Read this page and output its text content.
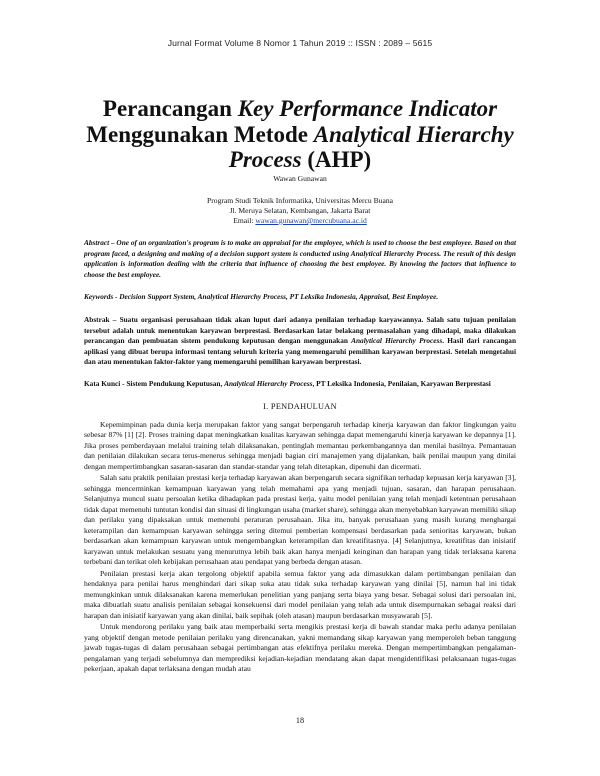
Jurnal Format Volume 8 Nomor 1 Tahun 2019 :: ISSN : 2089 – 5615
Perancangan Key Performance Indicator
Menggunakan Metode Analytical Hierarchy
Process (AHP)
Wawan Gunawan
Program Studi Teknik Informatika, Universitas Mercu Buana
Jl. Meruya Selatan, Kembangan, Jakarta Barat
Email: wawan.gunawan@mercubuana.ac.id
Abstract – One of an organization's program is to make an appraisal for the employee, which is used to choose the best employee. Based on that program faced, a designing and making of a decision support system is conducted using Analytical Hierarchy Process. The result of this design application is information dealing with the criteria that influence of choosing the best employee. By knowing the factors that influence to choose the best employee.
Keywords - Decision Support System, Analytical Hierarchy Process, PT Leksika Indonesia, Appraisal, Best Employee.
Abstrak – Suatu organisasi perusahaan tidak akan luput dari adanya penilaian terhadap karyawannya. Salah satu tujuan penilaian tersebut adalah untuk menentukan karyawan berprestasi. Berdasarkan latar belakang permasalahan yang dihadapi, maka dilakukan perancangan dan pembuatan sistem pendukung keputusan dengan menggunakan Analytical Hierarchy Process. Hasil dari rancangan aplikasi yang dibuat berupa informasi tentang seluruh kriteria yang memengaruhi pemilihan karyawan berprestasi. Setelah mengetahui dan atau menentukan faktor-faktor yang memengaruhi pemilihan karyawan berprestasi.
Kata Kunci - Sistem Pendukung Keputusan, Analytical Hierarchy Process, PT Leksika Indonesia, Penilaian, Karyawan Berprestasi
I. PENDAHULUAN

Kepemimpinan pada dunia kerja merupakan faktor yang sangat berpengaruh terhadap kinerja karyawan dan faktor lingkungan yaitu sebesar 87% [1] [2]. Proses training dapat meningkatkan kualitas karyawan sehingga dapat memengaruhi kinerja karyawan ke depannya [1]. Jika proses pemberdayaan melalui training telah dilaksanakan, pentinglah memantau perkembangannya dan menilai hasilnya. Pemantauan dan penilaian dilakukan secara terus-menerus sehingga menjadi bagian ciri manajemen yang dijalankan, baik penilai maupun yang dinilai dengan mempertimbangkan sasaran-sasaran dan standar-standar yang telah ditetapkan, dipenuhi dan dicermati.

Salah satu praktik penilaian prestasi kerja terhadap karyawan akan berpengaruh secara signifikan terhadap kepuasan kerja karyawan [3], sehingga mencerminkan kemampuan karyawan yang telah memahami apa yang menjadi tujuan, sasaran, dan harapan perusahaan. Selanjutnya muncul suatu persoalan ketika dihadapkan pada prestasi kerja, yaitu model penilaian yang telah menjadi ketentuan perusahaan tidak dapat memenuhi tuntutan kondisi dan situasi di lingkungan usaha (market share), sehingga akan menyebabkan karyawan memiliki sikap dan perilaku yang dipaksakan untuk memenuhi peraturan perusahaan. Jika itu, banyak perusahaan yang masih kurang menghargai keterampilan dan kemampuan karyawan sehingga sering ditemui pemberian kompensasi berdasarkan pada senioritas karyawan, bukan berdasarkan akan kemampuan karyawan untuk mengembangkan keterampilan dan kreatifitasnya. [4] Selanjutnya, kreatifitas dan inisiatif karyawan untuk melakukan sesuatu yang menurutnya lebih baik akan hanya menjadi keinginan dan harapan yang tidak terlaksana karena terbebani dan terikat oleh kebijakan perusahaan atau pendapat yang berbeda dengan atasan.

Penilaian prestasi kerja akan tergolong objektif apabila semua faktor yang ada dimasukkan dalam pertimbangan penilaian dan hendaknya para penilai harus menghindari dari sikap suka atau tidak suka terhadap karyawan yang dinilai [5], namun hal ini tidak memungkinkan untuk dilaksanakan karena memerlukan penelitian yang panjang serta biaya yang besar. Sebagai solusi dari persoalan ini, maka dibuatlah suatu analisis penilaian sebagai konsekuensi dari model penilaian yang telah ada untuk disempurnakan sebagai reaksi dari harapan dan inisiatif karyawan yang akan dinilai, baik sepihak (oleh atasan) maupun berdasarkan musyawarah [5].

Untuk mendorong perilaku yang baik atau memperbaiki serta mengikis prestasi kerja di bawah standar maka perlu adanya penilaian yang objektif dengan metode penilaian perilaku yang direncanakan, yakni memandang sikap karyawan yang memperoleh beban tanggung jawab tugas-tugas di dalam perusahaan sebagai pertimbangan atas efektifnya perilaku mereka. Dengan mempertimbangkan pengalaman-pengalaman yang terjadi sebelumnya dan memprediksi kejadian-kejadian mendatang akan dapat mengidentifikasi pelaksanaan tugas-tugas pekerjaan, apakah dapat terlaksana dengan mudah atau

18
